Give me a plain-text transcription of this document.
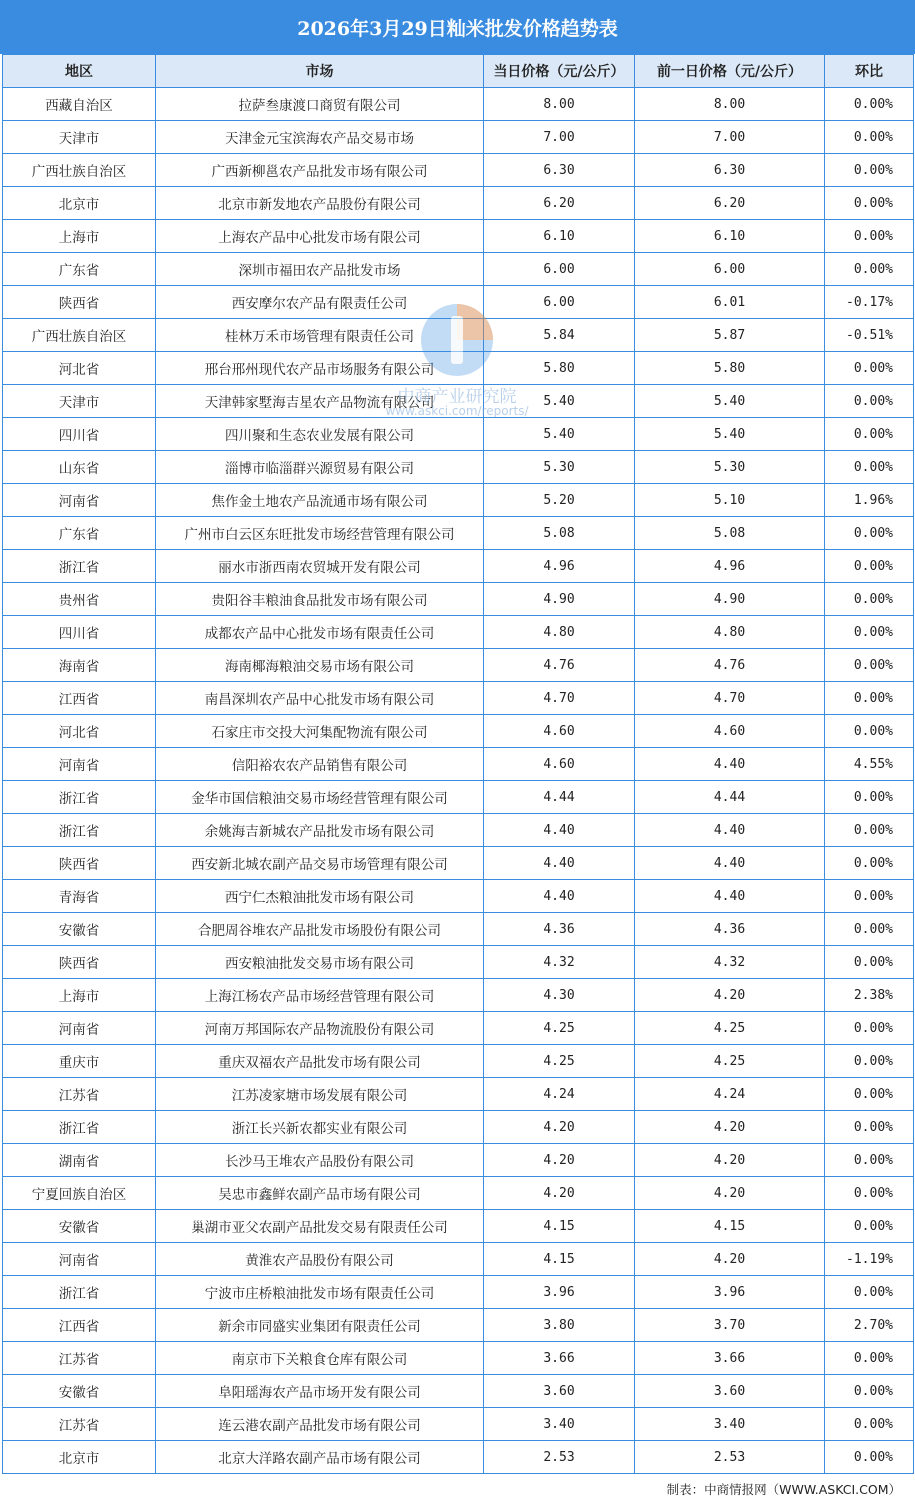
2026年3月29日籼米批发价格趋势表
地区	市场	当日价格（元/公斤）	前一日价格（元/公斤）	环比
西藏自治区	拉萨叁康渡口商贸有限公司	8.00	8.00	0.00%
天津市	天津金元宝滨海农产品交易市场	7.00	7.00	0.00%
广西壮族自治区	广西新柳邕农产品批发市场有限公司	6.30	6.30	0.00%
北京市	北京市新发地农产品股份有限公司	6.20	6.20	0.00%
上海市	上海农产品中心批发市场有限公司	6.10	6.10	0.00%
广东省	深圳市福田农产品批发市场	6.00	6.00	0.00%
陕西省	西安摩尔农产品有限责任公司	6.00	6.01	-0.17%
广西壮族自治区	桂林万禾市场管理有限责任公司	5.84	5.87	-0.51%
河北省	邢台邢州现代农产品市场服务有限公司	5.80	5.80	0.00%
天津市	天津韩家墅海吉星农产品物流有限公司	5.40	5.40	0.00%
四川省	四川聚和生态农业发展有限公司	5.40	5.40	0.00%
山东省	淄博市临淄群兴源贸易有限公司	5.30	5.30	0.00%
河南省	焦作金土地农产品流通市场有限公司	5.20	5.10	1.96%
广东省	广州市白云区东旺批发市场经营管理有限公司	5.08	5.08	0.00%
浙江省	丽水市浙西南农贸城开发有限公司	4.96	4.96	0.00%
贵州省	贵阳谷丰粮油食品批发市场有限公司	4.90	4.90	0.00%
四川省	成都农产品中心批发市场有限责任公司	4.80	4.80	0.00%
海南省	海南椰海粮油交易市场有限公司	4.76	4.76	0.00%
江西省	南昌深圳农产品中心批发市场有限公司	4.70	4.70	0.00%
河北省	石家庄市交投大河集配物流有限公司	4.60	4.60	0.00%
河南省	信阳裕农农产品销售有限公司	4.60	4.40	4.55%
浙江省	金华市国信粮油交易市场经营管理有限公司	4.44	4.44	0.00%
浙江省	余姚海吉新城农产品批发市场有限公司	4.40	4.40	0.00%
陕西省	西安新北城农副产品交易市场管理有限公司	4.40	4.40	0.00%
青海省	西宁仁杰粮油批发市场有限公司	4.40	4.40	0.00%
安徽省	合肥周谷堆农产品批发市场股份有限公司	4.36	4.36	0.00%
陕西省	西安粮油批发交易市场有限公司	4.32	4.32	0.00%
上海市	上海江杨农产品市场经营管理有限公司	4.30	4.20	2.38%
河南省	河南万邦国际农产品物流股份有限公司	4.25	4.25	0.00%
重庆市	重庆双福农产品批发市场有限公司	4.25	4.25	0.00%
江苏省	江苏凌家塘市场发展有限公司	4.24	4.24	0.00%
浙江省	浙江长兴新农都实业有限公司	4.20	4.20	0.00%
湖南省	长沙马王堆农产品股份有限公司	4.20	4.20	0.00%
宁夏回族自治区	吴忠市鑫鲜农副产品市场有限公司	4.20	4.20	0.00%
安徽省	巢湖市亚父农副产品批发交易有限责任公司	4.15	4.15	0.00%
河南省	黄淮农产品股份有限公司	4.15	4.20	-1.19%
浙江省	宁波市庄桥粮油批发市场有限责任公司	3.96	3.96	0.00%
江西省	新余市同盛实业集团有限责任公司	3.80	3.70	2.70%
江苏省	南京市下关粮食仓库有限公司	3.66	3.66	0.00%
安徽省	阜阳瑶海农产品市场开发有限公司	3.60	3.60	0.00%
江苏省	连云港农副产品批发市场有限公司	3.40	3.40	0.00%
北京市	北京大洋路农副产品市场有限公司	2.53	2.53	0.00%
中商产业研究院
www.askci.com/reports/
制表：中商情报网（WWW.ASKCI.COM）
